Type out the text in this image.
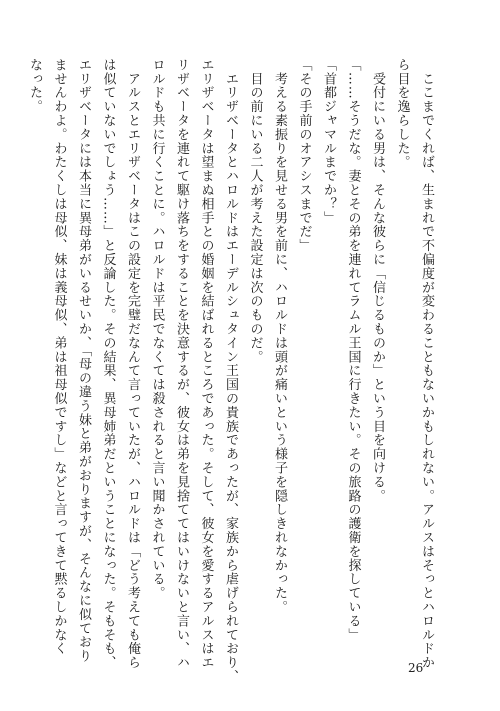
　ここまでくれば、生まれで不偏度が変わることもないかもしれない。アルスはそっとハロルドか
ら目を逸らした。
　受付にいる男は、そんな彼らに「信じるものか」という目を向ける。
「……そうだな。妻とその弟を連れてラムル王国に行きたい。その旅路の護衛を探している」
「首都ジャマルまでか？」
「その手前のオアシスまでだ」
　考える素振りを見せる男を前に、ハロルドは頭が痛いという様子を隠しきれなかった。
　目の前にいる二人が考えた設定は次のものだ。
　エリザベータとハロルドはエーデルシュタイン王国の貴族であったが、家族から虐げられており、
エリザベータは望まぬ相手との婚姻を結ばれるところであった。そして、彼女を愛するアルスはエ
リザベータを連れて駆け落ちをすることを決意するが、彼女は弟を見捨ててはいけないと言い、ハ
ロルドも共に行くことに。ハロルドは平民でなくては殺されると言い聞かされている。
　アルスとエリザベータはこの設定を完璧だなんて言っていたが、ハロルドは「どう考えても俺ら
は似ていないでしょう……」と反論した。その結果、異母姉弟だということになった。そもそも、
エリザベータには本当に異母弟がいるせいか、「母の違う妹と弟がおりますが、そんなに似ており
ませんわよ。わたくしは母似、妹は義母似、弟は祖母似ですし」などと言ってきて黙るしかなく
なった。
26
